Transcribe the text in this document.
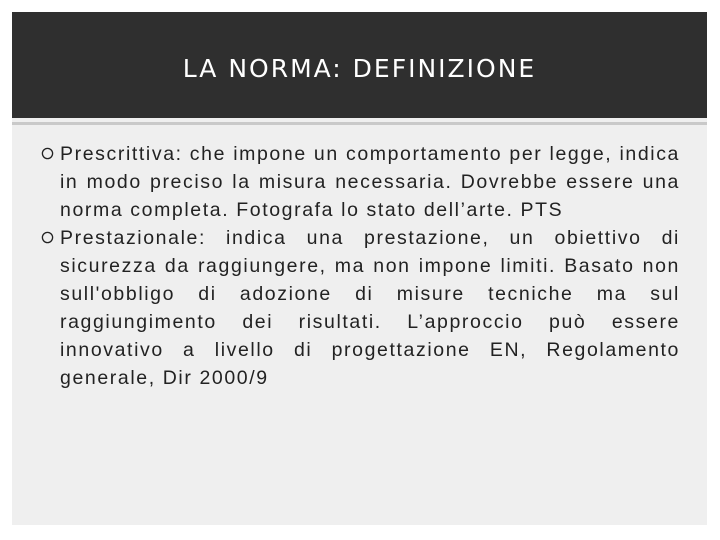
LA NORMA: DEFINIZIONE

Prescrittiva: che impone un comportamento per legge, indica in modo preciso la misura necessaria. Dovrebbe essere una norma completa. Fotografa lo stato dell’arte. PTS

Prestazionale: indica una prestazione, un obiettivo di sicurezza da raggiungere, ma non impone limiti. Basato non sull'obbligo di adozione di misure tecniche ma sul raggiungimento dei risultati. L’approccio può essere innovativo a livello di progettazione EN, Regolamento generale, Dir 2000/9
